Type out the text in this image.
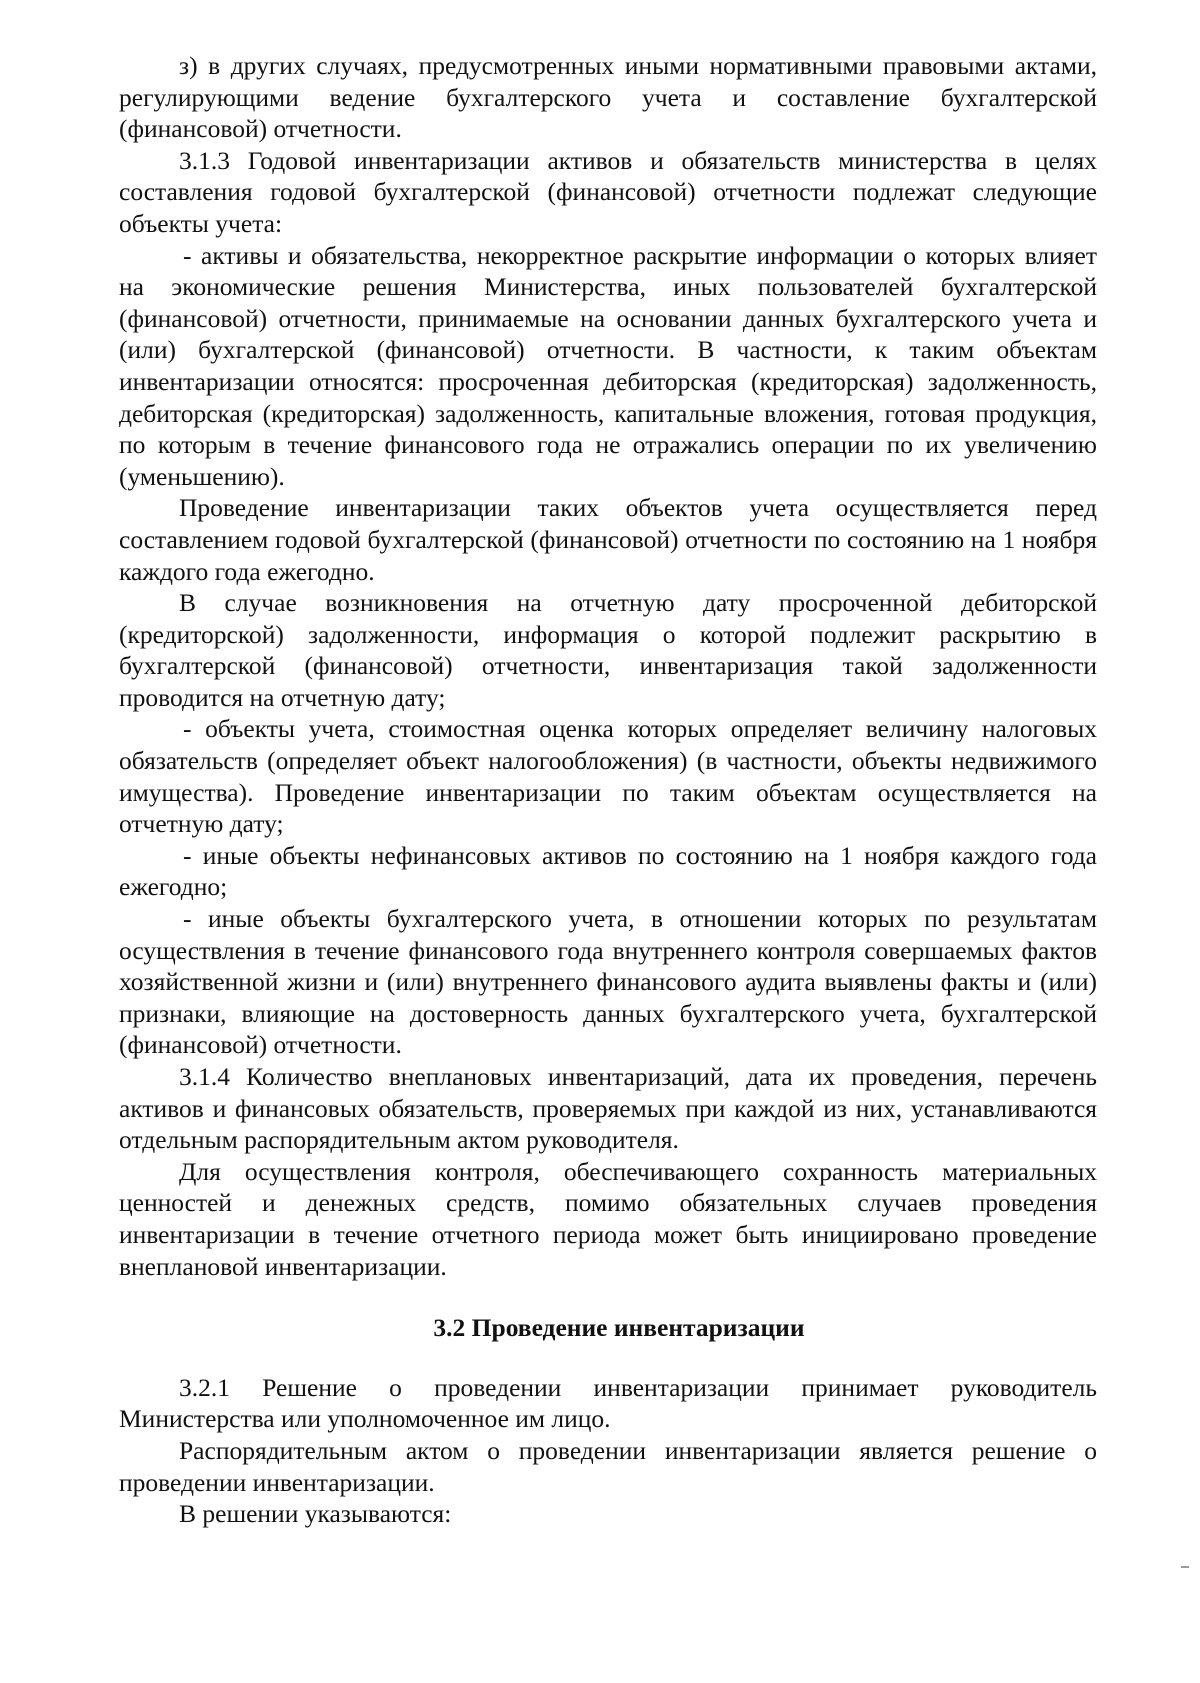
з) в других случаях, предусмотренных иными нормативными правовыми актами, регулирующими ведение бухгалтерского учета и составление бухгалтерской (финансовой) отчетности.

3.1.3 Годовой инвентаризации активов и обязательств министерства в целях составления годовой бухгалтерской (финансовой) отчетности подлежат следующие объекты учета:

- активы и обязательства, некорректное раскрытие информации о которых влияет на экономические решения Министерства, иных пользователей бухгалтерской (финансовой) отчетности, принимаемые на основании данных бухгалтерского учета и (или) бухгалтерской (финансовой) отчетности. В частности, к таким объектам инвентаризации относятся: просроченная дебиторская (кредиторская) задолженность, дебиторская (кредиторская) задолженность, капитальные вложения, готовая продукция, по которым в течение финансового года не отражались операции по их увеличению (уменьшению).

Проведение инвентаризации таких объектов учета осуществляется перед составлением годовой бухгалтерской (финансовой) отчетности по состоянию на 1 ноября каждого года ежегодно.

В случае возникновения на отчетную дату просроченной дебиторской (кредиторской) задолженности, информация о которой подлежит раскрытию в бухгалтерской (финансовой) отчетности, инвентаризация такой задолженности проводится на отчетную дату;

- объекты учета, стоимостная оценка которых определяет величину налоговых обязательств (определяет объект налогообложения) (в частности, объекты недвижимого имущества). Проведение инвентаризации по таким объектам осуществляется на отчетную дату;

- иные объекты нефинансовых активов по состоянию на 1 ноября каждого года ежегодно;

- иные объекты бухгалтерского учета, в отношении которых по результатам осуществления в течение финансового года внутреннего контроля совершаемых фактов хозяйственной жизни и (или) внутреннего финансового аудита выявлены факты и (или) признаки, влияющие на достоверность данных бухгалтерского учета, бухгалтерской (финансовой) отчетности.

3.1.4 Количество внеплановых инвентаризаций, дата их проведения, перечень активов и финансовых обязательств, проверяемых при каждой из них, устанавливаются отдельным распорядительным актом руководителя.

Для осуществления контроля, обеспечивающего сохранность материальных ценностей и денежных средств, помимо обязательных случаев проведения инвентаризации в течение отчетного периода может быть инициировано проведение внеплановой инвентаризации.

3.2 Проведение инвентаризации

3.2.1 Решение о проведении инвентаризации принимает руководитель Министерства или уполномоченное им лицо.

Распорядительным актом о проведении инвентаризации является решение о проведении инвентаризации.

В решении указываются:
